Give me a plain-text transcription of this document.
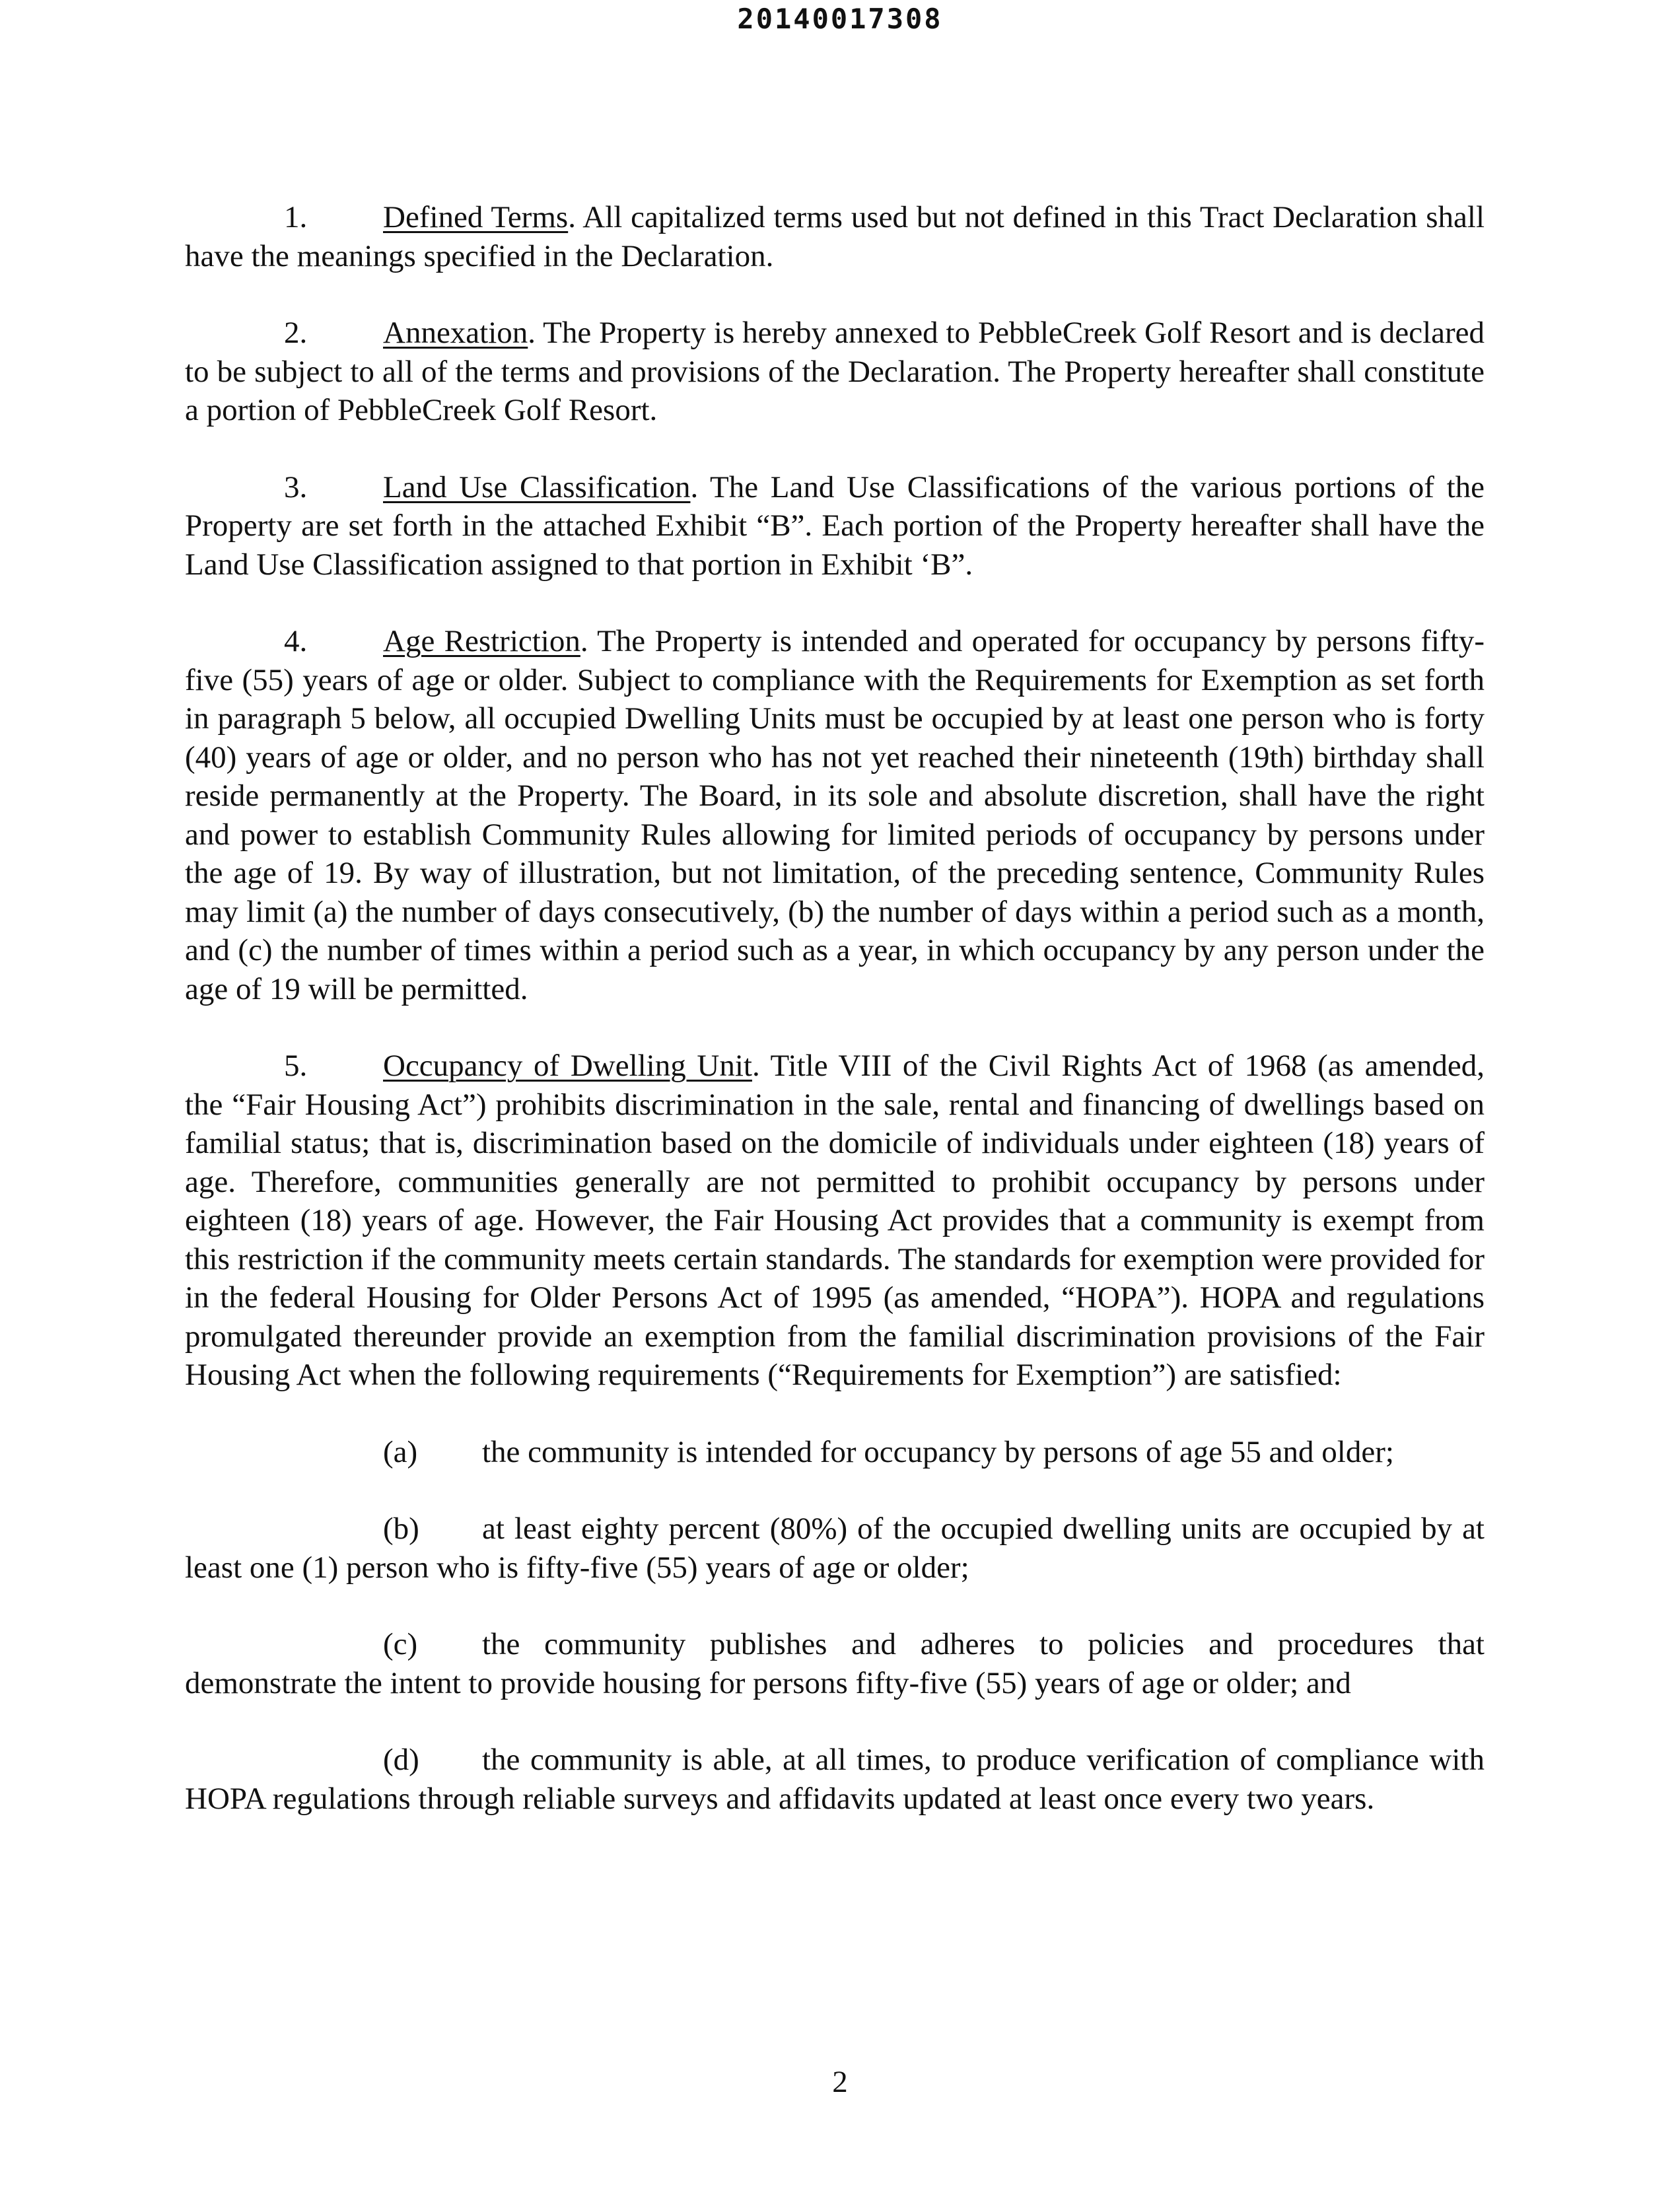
20140017308

1. Defined Terms. All capitalized terms used but not defined in this Tract Declaration shall have the meanings specified in the Declaration.

2. Annexation. The Property is hereby annexed to PebbleCreek Golf Resort and is declared to be subject to all of the terms and provisions of the Declaration. The Property hereafter shall constitute a portion of PebbleCreek Golf Resort.

3. Land Use Classification. The Land Use Classifications of the various portions of the Property are set forth in the attached Exhibit “B”. Each portion of the Property hereafter shall have the Land Use Classification assigned to that portion in Exhibit ‘B”.

4. Age Restriction. The Property is intended and operated for occupancy by persons fifty-five (55) years of age or older. Subject to compliance with the Requirements for Exemption as set forth in paragraph 5 below, all occupied Dwelling Units must be occupied by at least one person who is forty (40) years of age or older, and no person who has not yet reached their nineteenth (19th) birthday shall reside permanently at the Property. The Board, in its sole and absolute discretion, shall have the right and power to establish Community Rules allowing for limited periods of occupancy by persons under the age of 19. By way of illustration, but not limitation, of the preceding sentence, Community Rules may limit (a) the number of days consecutively, (b) the number of days within a period such as a month, and (c) the number of times within a period such as a year, in which occupancy by any person under the age of 19 will be permitted.

5. Occupancy of Dwelling Unit. Title VIII of the Civil Rights Act of 1968 (as amended, the “Fair Housing Act”) prohibits discrimination in the sale, rental and financing of dwellings based on familial status; that is, discrimination based on the domicile of individuals under eighteen (18) years of age. Therefore, communities generally are not permitted to prohibit occupancy by persons under eighteen (18) years of age. However, the Fair Housing Act provides that a community is exempt from this restriction if the community meets certain standards. The standards for exemption were provided for in the federal Housing for Older Persons Act of 1995 (as amended, “HOPA”). HOPA and regulations promulgated thereunder provide an exemption from the familial discrimination provisions of the Fair Housing Act when the following requirements (“Requirements for Exemption”) are satisfied:

(a) the community is intended for occupancy by persons of age 55 and older;

(b) at least eighty percent (80%) of the occupied dwelling units are occupied by at least one (1) person who is fifty-five (55) years of age or older;

(c) the community publishes and adheres to policies and procedures that demonstrate the intent to provide housing for persons fifty-five (55) years of age or older; and

(d) the community is able, at all times, to produce verification of compliance with HOPA regulations through reliable surveys and affidavits updated at least once every two years.

2
